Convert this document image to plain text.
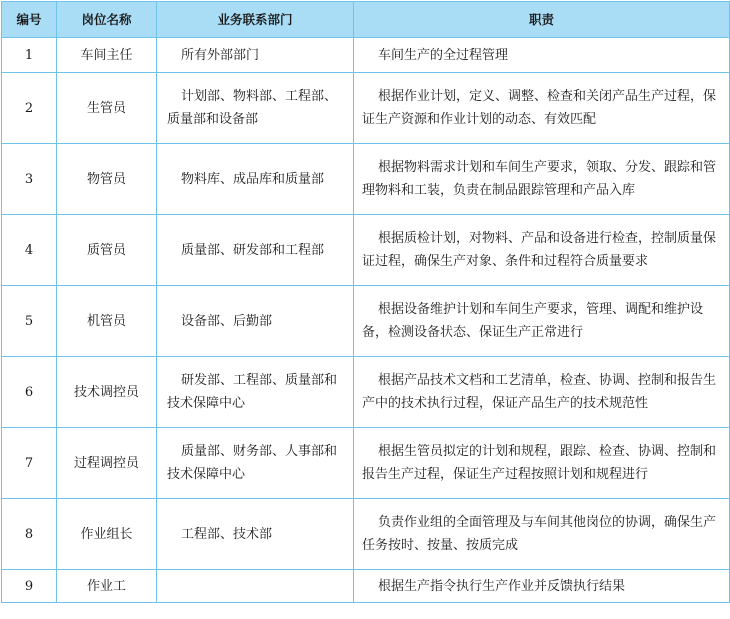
编号	岗位名称	业务联系部门	职责
1	车间主任	所有外部部门	车间生产的全过程管理
2	生管员	计划部、物料部、工程部、质量部和设备部	根据作业计划，定义、调整、检查和关闭产品生产过程，保证生产资源和作业计划的动态、有效匹配
3	物管员	物料库、成品库和质量部	根据物料需求计划和车间生产要求，领取、分发、跟踪和管理物料和工装，负责在制品跟踪管理和产品入库
4	质管员	质量部、研发部和工程部	根据质检计划，对物料、产品和设备进行检查，控制质量保证过程，确保生产对象、条件和过程符合质量要求
5	机管员	设备部、后勤部	根据设备维护计划和车间生产要求，管理、调配和维护设备，检测设备状态、保证生产正常进行
6	技术调控员	研发部、工程部、质量部和技术保障中心	根据产品技术文档和工艺清单，检查、协调、控制和报告生产中的技术执行过程，保证产品生产的技术规范性
7	过程调控员	质量部、财务部、人事部和技术保障中心	根据生管员拟定的计划和规程，跟踪、检查、协调、控制和报告生产过程，保证生产过程按照计划和规程进行
8	作业组长	工程部、技术部	负责作业组的全面管理及与车间其他岗位的协调，确保生产任务按时、按量、按质完成
9	作业工		根据生产指令执行生产作业并反馈执行结果
